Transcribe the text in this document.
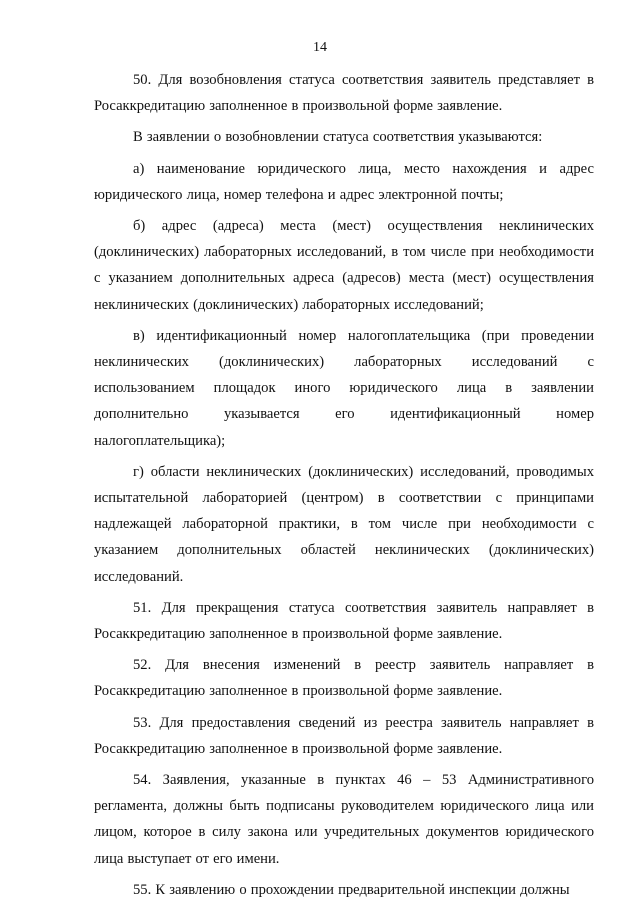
14

50. Для возобновления статуса соответствия заявитель представляет в Росаккредитацию заполненное в произвольной форме заявление.

В заявлении о возобновлении статуса соответствия указываются:

а) наименование юридического лица, место нахождения и адрес юридического лица, номер телефона и адрес электронной почты;

б) адрес (адреса) места (мест) осуществления неклинических (доклинических) лабораторных исследований, в том числе при необходимости с указанием дополнительных адреса (адресов) места (мест) осуществления неклинических (доклинических) лабораторных исследований;

в) идентификационный номер налогоплательщика (при проведении неклинических (доклинических) лабораторных исследований с использованием площадок иного юридического лица в заявлении дополнительно указывается его идентификационный номер налогоплательщика);

г) области неклинических (доклинических) исследований, проводимых испытательной лабораторией (центром) в соответствии с принципами надлежащей лабораторной практики, в том числе при необходимости с указанием дополнительных областей неклинических (доклинических) исследований.

51. Для прекращения статуса соответствия заявитель направляет в Росаккредитацию заполненное в произвольной форме заявление.

52. Для внесения изменений в реестр заявитель направляет в Росаккредитацию заполненное в произвольной форме заявление.

53. Для предоставления сведений из реестра заявитель направляет в Росаккредитацию заполненное в произвольной форме заявление.

54. Заявления, указанные в пунктах 46 – 53 Административного регламента, должны быть подписаны руководителем юридического лица или лицом, которое в силу закона или учредительных документов юридического лица выступает от его имени.

55. К заявлению о прохождении предварительной инспекции должны
